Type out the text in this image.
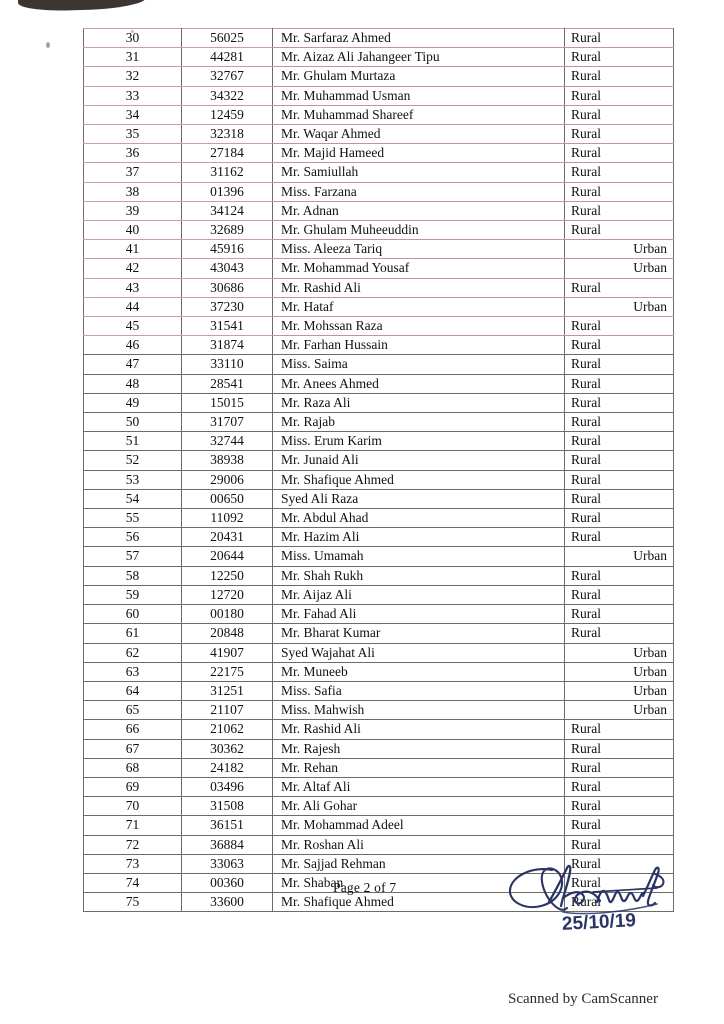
30	56025	Mr. Sarfaraz Ahmed	Rural
31	44281	Mr. Aizaz Ali Jahangeer Tipu	Rural
32	32767	Mr. Ghulam Murtaza	Rural
33	34322	Mr. Muhammad Usman	Rural
34	12459	Mr. Muhammad Shareef	Rural
35	32318	Mr. Waqar Ahmed	Rural
36	27184	Mr. Majid Hameed	Rural
37	31162	Mr. Samiullah	Rural
38	01396	Miss. Farzana	Rural
39	34124	Mr. Adnan	Rural
40	32689	Mr. Ghulam Muheeuddin	Rural
41	45916	Miss. Aleeza Tariq	Urban
42	43043	Mr. Mohammad Yousaf	Urban
43	30686	Mr. Rashid Ali	Rural
44	37230	Mr. Hataf	Urban
45	31541	Mr. Mohssan Raza	Rural
46	31874	Mr. Farhan Hussain	Rural
47	33110	Miss. Saima	Rural
48	28541	Mr. Anees Ahmed	Rural
49	15015	Mr. Raza Ali	Rural
50	31707	Mr. Rajab	Rural
51	32744	Miss. Erum Karim	Rural
52	38938	Mr. Junaid Ali	Rural
53	29006	Mr. Shafique Ahmed	Rural
54	00650	Syed Ali Raza	Rural
55	11092	Mr. Abdul Ahad	Rural
56	20431	Mr. Hazim Ali	Rural
57	20644	Miss. Umamah	Urban
58	12250	Mr. Shah Rukh	Rural
59	12720	Mr. Aijaz Ali	Rural
60	00180	Mr. Fahad Ali	Rural
61	20848	Mr. Bharat Kumar	Rural
62	41907	Syed Wajahat Ali	Urban
63	22175	Mr. Muneeb	Urban
64	31251	Miss. Safia	Urban
65	21107	Miss. Mahwish	Urban
66	21062	Mr. Rashid Ali	Rural
67	30362	Mr. Rajesh	Rural
68	24182	Mr. Rehan	Rural
69	03496	Mr. Altaf Ali	Rural
70	31508	Mr. Ali Gohar	Rural
71	36151	Mr. Mohammad Adeel	Rural
72	36884	Mr. Roshan Ali	Rural
73	33063	Mr. Sajjad Rehman	Rural
74	00360	Mr. Shaban	Rural
75	33600	Mr. Shafique Ahmed	Rural
Page 2 of 7
25/10/19
Scanned by CamScanner
